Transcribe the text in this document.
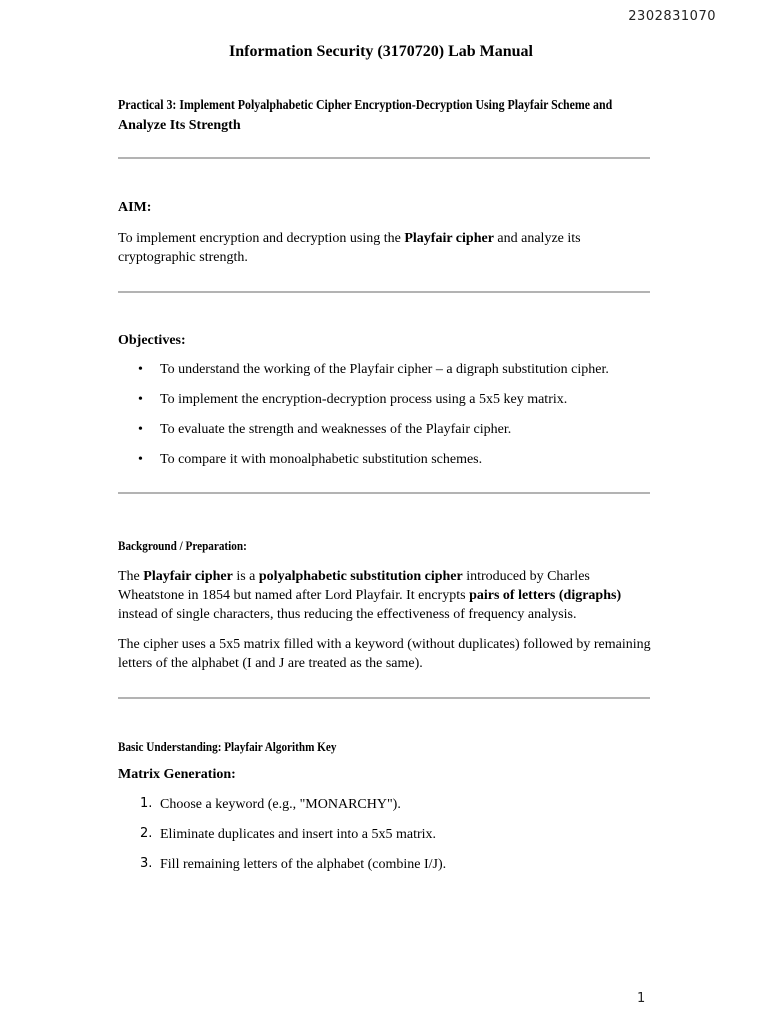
2302831070
Information Security (3170720) Lab Manual
Practical 3: Implement Polyalphabetic Cipher Encryption-Decryption Using Playfair Scheme and
Analyze Its Strength
AIM:
To implement encryption and decryption using the Playfair cipher and analyze its cryptographic strength.
Objectives:
• To understand the working of the Playfair cipher – a digraph substitution cipher.
• To implement the encryption-decryption process using a 5x5 key matrix.
• To evaluate the strength and weaknesses of the Playfair cipher.
• To compare it with monoalphabetic substitution schemes.
Background / Preparation:
The Playfair cipher is a polyalphabetic substitution cipher introduced by Charles Wheatstone in 1854 but named after Lord Playfair. It encrypts pairs of letters (digraphs) instead of single characters, thus reducing the effectiveness of frequency analysis.
The cipher uses a 5x5 matrix filled with a keyword (without duplicates) followed by remaining letters of the alphabet (I and J are treated as the same).
Basic Understanding: Playfair Algorithm Key
Matrix Generation:
1. Choose a keyword (e.g., "MONARCHY").
2. Eliminate duplicates and insert into a 5x5 matrix.
3. Fill remaining letters of the alphabet (combine I/J).
1
